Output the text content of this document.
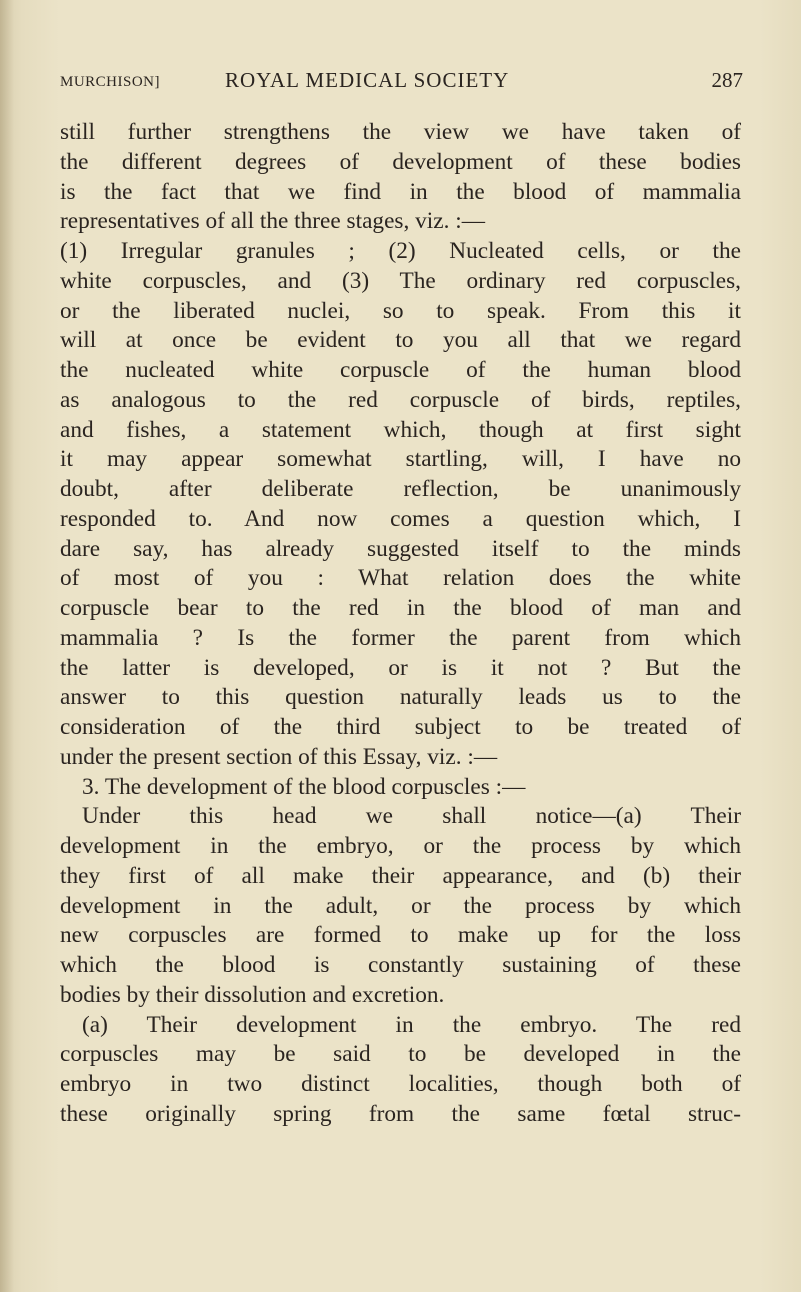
MURCHISON]	ROYAL MEDICAL SOCIETY	287
still further strengthens the view we have taken of
the different degrees of development of these bodies
is the fact that we find in the blood of mammalia
representatives of all the three stages, viz. :—
(1) Irregular granules ; (2) Nucleated cells, or the
white corpuscles, and (3) The ordinary red corpuscles,
or the liberated nuclei, so to speak. From this it
will at once be evident to you all that we regard
the nucleated white corpuscle of the human blood
as analogous to the red corpuscle of birds, reptiles,
and fishes, a statement which, though at first sight
it may appear somewhat startling, will, I have no
doubt, after deliberate reflection, be unanimously
responded to. And now comes a question which, I
dare say, has already suggested itself to the minds
of most of you : What relation does the white
corpuscle bear to the red in the blood of man and
mammalia ? Is the former the parent from which
the latter is developed, or is it not ? But the
answer to this question naturally leads us to the
consideration of the third subject to be treated of
under the present section of this Essay, viz. :—
3. The development of the blood corpuscles :—
Under this head we shall notice—(a) Their
development in the embryo, or the process by which
they first of all make their appearance, and (b) their
development in the adult, or the process by which
new corpuscles are formed to make up for the loss
which the blood is constantly sustaining of these
bodies by their dissolution and excretion.
(a) Their development in the embryo. The red
corpuscles may be said to be developed in the
embryo in two distinct localities, though both of
these originally spring from the same fœtal struc-
